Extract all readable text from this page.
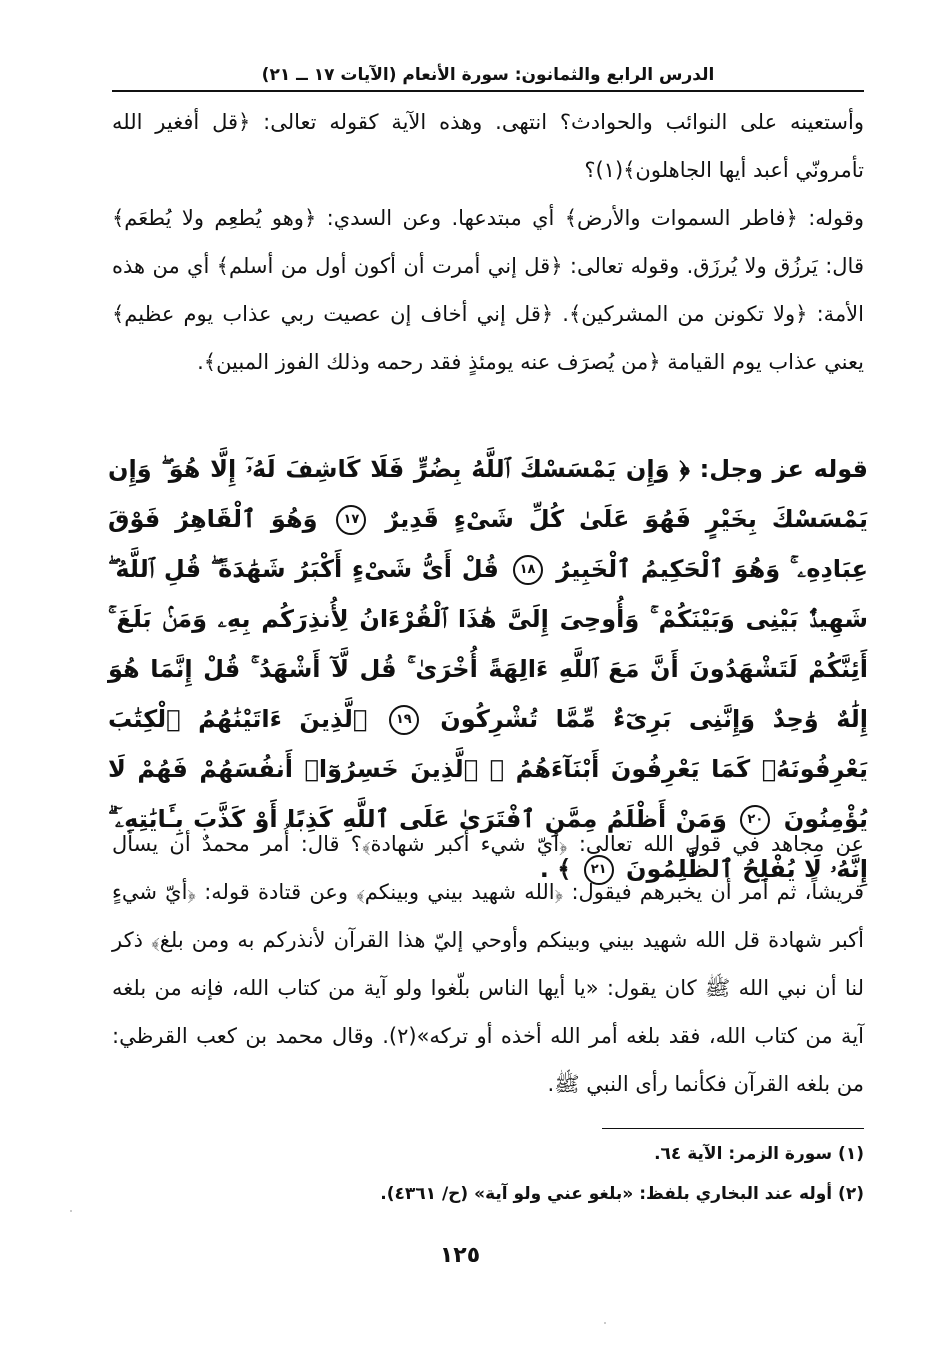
الدرس الرابع والثمانون: سورة الأنعام (الآيات ١٧ ــ ٢١)
وأستعينه على النوائب والحوادث؟ انتهى. وهذه الآية كقوله تعالى: ﴿قل أفغير الله تأمرونّي أعبد أيها الجاهلون﴾(١)؟
وقوله: ﴿فاطر السموات والأرض﴾ أي مبتدعها. وعن السدي: ﴿وهو يُطعِم ولا يُطعَم﴾ قال: يَرزُق ولا يُرزَق. وقوله تعالى: ﴿قل إني أمرت أن أكون أول من أسلم﴾ أي من هذه الأمة: ﴿ولا تكونن من المشركين﴾. ﴿قل إني أخاف إن عصيت ربي عذاب يوم عظيم﴾ يعني عذاب يوم القيامة ﴿من يُصرَف عنه يومئذٍ فقد رحمه وذلك الفوز المبين﴾.
قوله عز وجل: ﴿ وَإِن يَمْسَسْكَ ٱللَّهُ بِضُرٍّ فَلَا كَاشِفَ لَهُۥٓ إِلَّا هُوَ ۖ وَإِن يَمْسَسْكَ بِخَيْرٍ فَهُوَ عَلَىٰ كُلِّ شَىْءٍ قَدِيرٌ ١٧ وَهُوَ ٱلْقَاهِرُ فَوْقَ عِبَادِهِۦ ۚ وَهُوَ ٱلْحَكِيمُ ٱلْخَبِيرُ ١٨ قُلْ أَىُّ شَىْءٍ أَكْبَرُ شَهَٰدَةً ۖ قُلِ ٱللَّهُ ۖ شَهِيدٌۢ بَيْنِى وَبَيْنَكُمْ ۚ وَأُوحِىَ إِلَىَّ هَٰذَا ٱلْقُرْءَانُ لِأُنذِرَكُم بِهِۦ وَمَنۢ بَلَغَ ۚ أَئِنَّكُمْ لَتَشْهَدُونَ أَنَّ مَعَ ٱللَّهِ ءَالِهَةً أُخْرَىٰ ۚ قُل لَّآ أَشْهَدُ ۚ قُلْ إِنَّمَا هُوَ إِلَٰهٌ وَٰحِدٌ وَإِنَّنِى بَرِىٓءٌ مِّمَّا تُشْرِكُونَ ١٩ ٱلَّذِينَ ءَاتَيْنَٰهُمُ ٱلْكِتَٰبَ يَعْرِفُونَهُۥ كَمَا يَعْرِفُونَ أَبْنَآءَهُمُ ۘ ٱلَّذِينَ خَسِرُوٓا۟ أَنفُسَهُمْ فَهُمْ لَا يُؤْمِنُونَ ٢٠ وَمَنْ أَظْلَمُ مِمَّنِ ٱفْتَرَىٰ عَلَى ٱللَّهِ كَذِبًا أَوْ كَذَّبَ بِـَٔايَٰتِهِۦٓ ۗ إِنَّهُۥ لَا يُفْلِحُ ٱلظَّٰلِمُونَ ٢١ ﴾ .
عن مجاهد في قول الله تعالى: ﴿أيّ شيء أكبر شهادة﴾؟ قال: أُمر محمدٌ أن يسأل قريشاً، ثم أمر أن يخبرهم فيقول: ﴿الله شهيد بيني وبينكم﴾ وعن قتادة قوله: ﴿أيّ شيءٍ أكبر شهادة قل الله شهيد بيني وبينكم وأوحي إليّ هذا القرآن لأنذركم به ومن بلغ﴾ ذكر لنا أن نبي الله ﷺ كان يقول: «يا أيها الناس بلّغوا ولو آية من كتاب الله، فإنه من بلغه آية من كتاب الله، فقد بلغه أمر الله أخذه أو تركه»(٢). وقال محمد بن كعب القرظي: من بلغه القرآن فكأنما رأى النبي ﷺ.
(١) سورة الزمر: الآية ٦٤.
(٢) أوله عند البخاري بلفظ: «بلغو عني ولو آية» (ح/ ٤٣٦١).
١٢٥
